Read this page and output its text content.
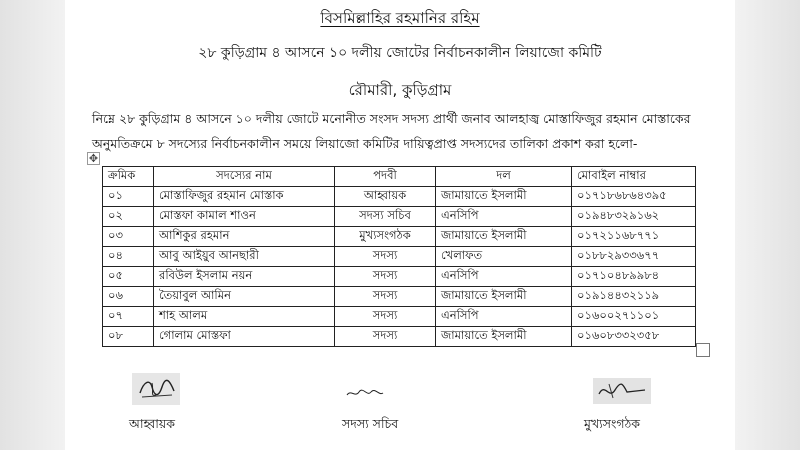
বিসমিল্লাহির রহমানির রহিম
২৮ কুড়িগ্রাম ৪ আসনে ১০ দলীয় জোটের নির্বাচনকালীন লিয়াজো কমিটি
রৌমারী, কুড়িগ্রাম
নিম্নে ২৮ কুড়িগ্রাম ৪ আসনে ১০ দলীয় জোটে মনোনীত সংসদ সদস্য প্রার্থী জনাব আলহাজ্ব মোস্তাফিজুর রহমান মোস্তাকের
অনুমতিক্রমে ৮ সদস্যের নির্বাচনকালীন সময়ে লিয়াজো কমিটির দায়িত্বপ্রাপ্ত সদস্যদের তালিকা প্রকাশ করা হলো-
✥
ক্রমিক	সদস্যের নাম	পদবী	দল	মোবাইল নাম্বার
০১	মোস্তাফিজুর রহমান মোস্তাক	আহ্বায়ক	জামায়াতে ইসলামী	০১৭১৮৬৮৬৪৩৯৫
০২	মোস্তফা কামাল শাওন	সদস্য সচিব	এনসিপি	০১৯৪৮৩২৯১৬২
০৩	আশিকুর রহমান	মুখ্যসংগঠক	জামায়াতে ইসলামী	০১৭২১১৬৮৭৭১
০৪	আবু আইয়ুব আনছারী	সদস্য	খেলাফত	০১৮৮২৯৩৩৬৭৭
০৫	রবিউল ইসলাম নয়ন	সদস্য	এনসিপি	০১৭১০৪৮৯৯৮৪
০৬	তৈয়াবুল আমিন	সদস্য	জামায়াতে ইসলামী	০১৯১৪৪৩২১১৯
০৭	শাহ আলম	সদস্য	এনসিপি	০১৬০০২৭১১০১
০৮	গোলাম মোস্তফা	সদস্য	জামায়াতে ইসলামী	০১৬০৮৩৩২৩৫৮
আহ্বায়ক	সদস্য সচিব	মুখ্যসংগঠক
